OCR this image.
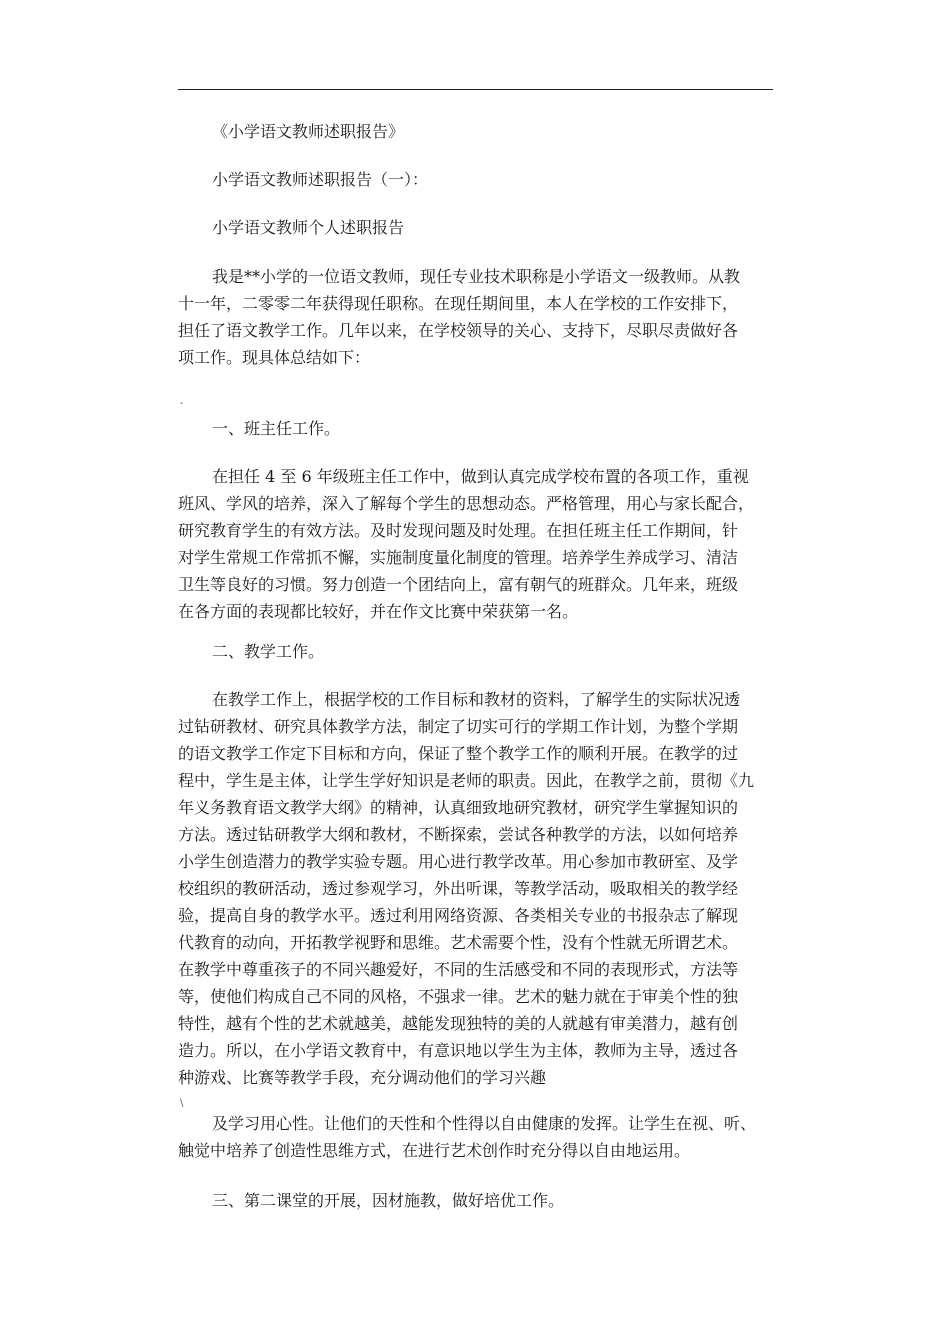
《小学语文教师述职报告》
小学语文教师述职报告（一）：
小学语文教师个人述职报告
我是**小学的一位语文教师，现任专业技术职称是小学语文一级教师。从教
十一年，二零零二年获得现任职称。在现任期间里，本人在学校的工作安排下，
担任了语文教学工作。几年以来，在学校领导的关心、支持下，尽职尽责做好各
项工作。现具体总结如下：
-
一、班主任工作。
在担任 4 至 6 年级班主任工作中，做到认真完成学校布置的各项工作，重视
班风、学风的培养，深入了解每个学生的思想动态。严格管理，用心与家长配合，
研究教育学生的有效方法。及时发现问题及时处理。在担任班主任工作期间，针
对学生常规工作常抓不懈，实施制度量化制度的管理。培养学生养成学习、清洁
卫生等良好的习惯。努力创造一个团结向上，富有朝气的班群众。几年来，班级
在各方面的表现都比较好，并在作文比赛中荣获第一名。
二、教学工作。
在教学工作上，根据学校的工作目标和教材的资料，了解学生的实际状况透
过钻研教材、研究具体教学方法，制定了切实可行的学期工作计划，为整个学期
的语文教学工作定下目标和方向，保证了整个教学工作的顺利开展。在教学的过
程中，学生是主体，让学生学好知识是老师的职责。因此，在教学之前，贯彻《九
年义务教育语文教学大纲》的精神，认真细致地研究教材，研究学生掌握知识的
方法。透过钻研教学大纲和教材，不断探索，尝试各种教学的方法，以如何培养
小学生创造潜力的教学实验专题。用心进行教学改革。用心参加市教研室、及学
校组织的教研活动，透过参观学习，外出听课，等教学活动，吸取相关的教学经
验，提高自身的教学水平。透过利用网络资源、各类相关专业的书报杂志了解现
代教育的动向，开拓教学视野和思维。艺术需要个性，没有个性就无所谓艺术。
在教学中尊重孩子的不同兴趣爱好，不同的生活感受和不同的表现形式，方法等
等，使他们构成自己不同的风格，不强求一律。艺术的魅力就在于审美个性的独
特性，越有个性的艺术就越美，越能发现独特的美的人就越有审美潜力，越有创
造力。所以，在小学语文教育中，有意识地以学生为主体，教师为主导，透过各
种游戏、比赛等教学手段，充分调动他们的学习兴趣
\
及学习用心性。让他们的天性和个性得以自由健康的发挥。让学生在视、听、
触觉中培养了创造性思维方式，在进行艺术创作时充分得以自由地运用。
三、第二课堂的开展，因材施教，做好培优工作。
